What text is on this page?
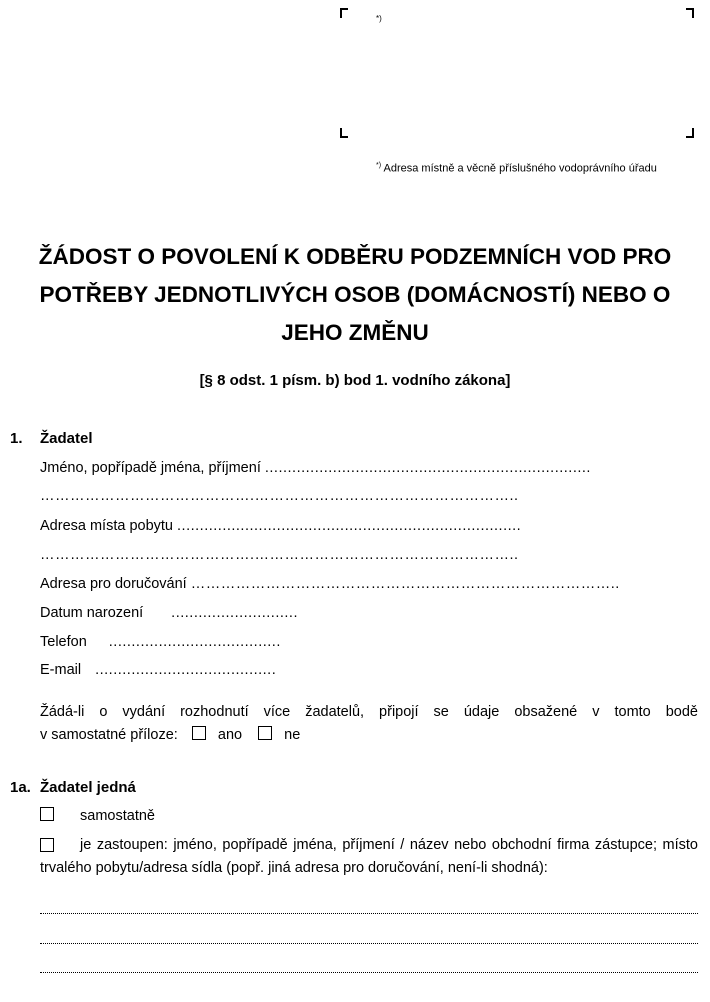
*)
*) Adresa místně a věcně příslušného vodoprávního úřadu
ŽÁDOST O POVOLENÍ K ODBĚRU PODZEMNÍCH VOD PRO
POTŘEBY JEDNOTLIVÝCH OSOB (DOMÁCNOSTÍ) NEBO O
JEHO ZMĚNU
[§ 8 odst. 1 písm. b) bod 1. vodního zákona]
1. Žadatel
Jméno, popřípadě jména, příjmení ........................................................................
…………………………………….……………………………………………..
Adresa místa pobytu ............................................................................
…………………………………….……………………………………………..
Adresa pro doručování …………………………………………………………………………..
Datum narození ............................
Telefon ......................................
E-mail ........................................
Žádá-li o vydání rozhodnutí více žadatelů, připojí se údaje obsažené v tomto bodě
v samostatné příloze:	ano	ne
1a. Žadatel jedná
samostatně
je zastoupen: jméno, popřípadě jména, příjmení / název nebo obchodní firma zástupce; místo trvalého pobytu/adresa sídla (popř. jiná adresa pro doručování, není-li shodná):
